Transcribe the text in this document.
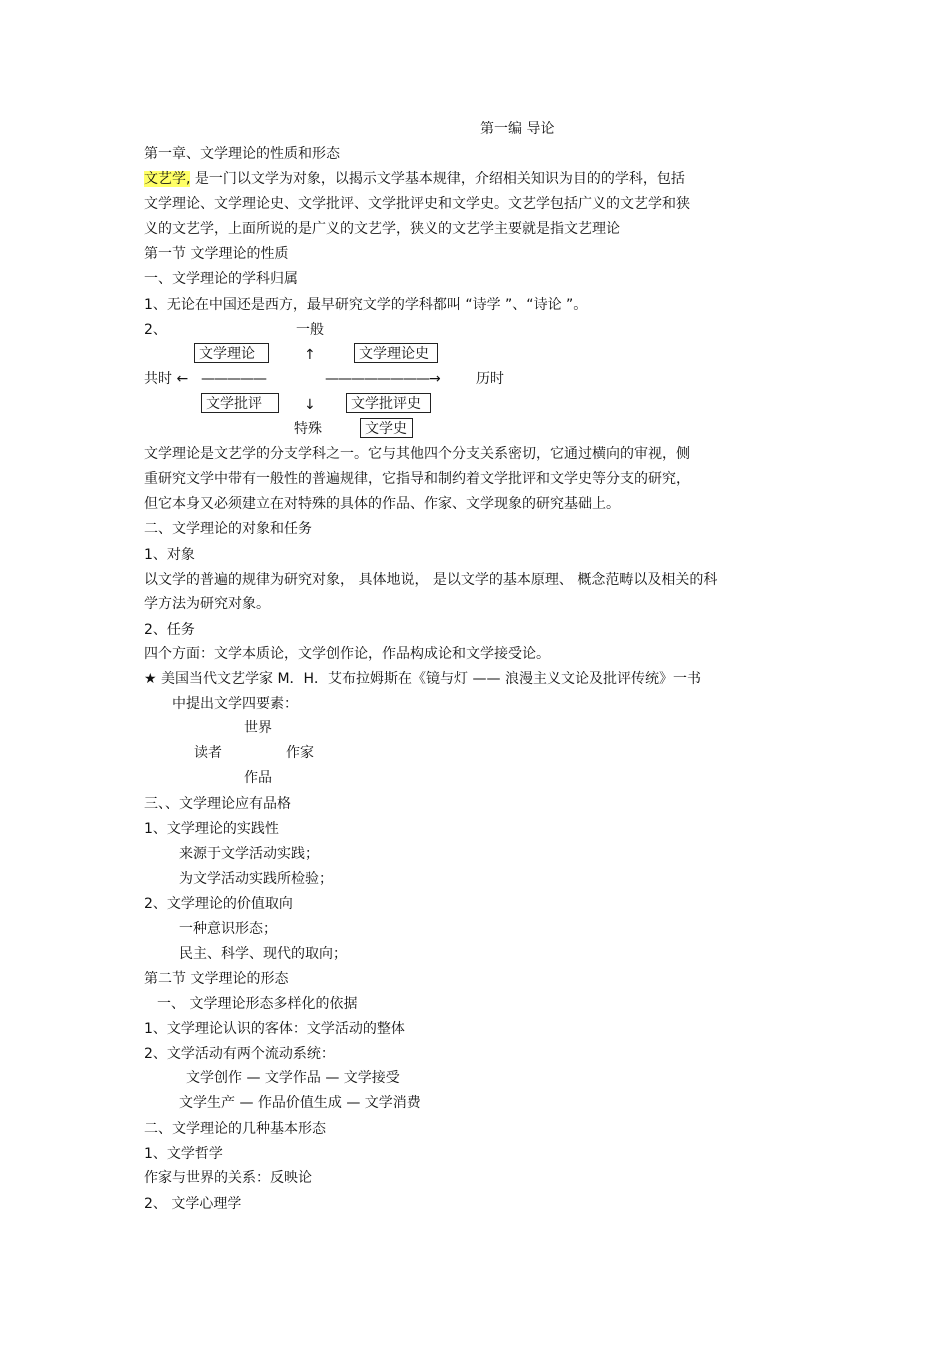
第一编 导论
第一章、文学理论的性质和形态
文艺学, 是一门以文学为对象，以揭示文学基本规律，介绍相关知识为目的的学科，包括
文学理论、文学理论史、文学批评、文学批评史和文学史。文艺学包括广义的文艺学和狭
义的文艺学，上面所说的是广义的文艺学，狭义的文艺学主要就是指文艺理论
第一节 文学理论的性质
一、文学理论的学科归属
1、无论在中国还是西方，最早研究文学的学科都叫 “诗学 ”、“诗论 ”。
2、	一般
文学理论	↑	文学理论史
共时 ← —————	————————→	历时
文学批评	↓	文学批评史
特殊	文学史
文学理论是文艺学的分支学科之一。它与其他四个分支关系密切，它通过横向的审视，侧
重研究文学中带有一般性的普遍规律，它指导和制约着文学批评和文学史等分支的研究，
但它本身又必须建立在对特殊的具体的作品、作家、文学现象的研究基础上。
二、文学理论的对象和任务
1、对象
以文学的普遍的规律为研究对象， 具体地说， 是以文学的基本原理、 概念范畴以及相关的科
学方法为研究对象。
2、任务
四个方面：文学本质论，文学创作论，作品构成论和文学接受论。
★ 美国当代文艺学家 M．H．艾布拉姆斯在《镜与灯 —— 浪漫主义文论及批评传统》一书
中提出文学四要素：
世界
读者	作家
作品
三、、文学理论应有品格
1、文学理论的实践性
来源于文学活动实践；
为文学活动实践所检验；
2、文学理论的价值取向
一种意识形态；
民主、科学、现代的取向；
第二节 文学理论的形态
一、 文学理论形态多样化的依据
1、文学理论认识的客体：文学活动的整体
2、文学活动有两个流动系统：
文学创作 — 文学作品 — 文学接受
文学生产 — 作品价值生成 — 文学消费
二、文学理论的几种基本形态
1、文学哲学
作家与世界的关系：反映论
2、 文学心理学
